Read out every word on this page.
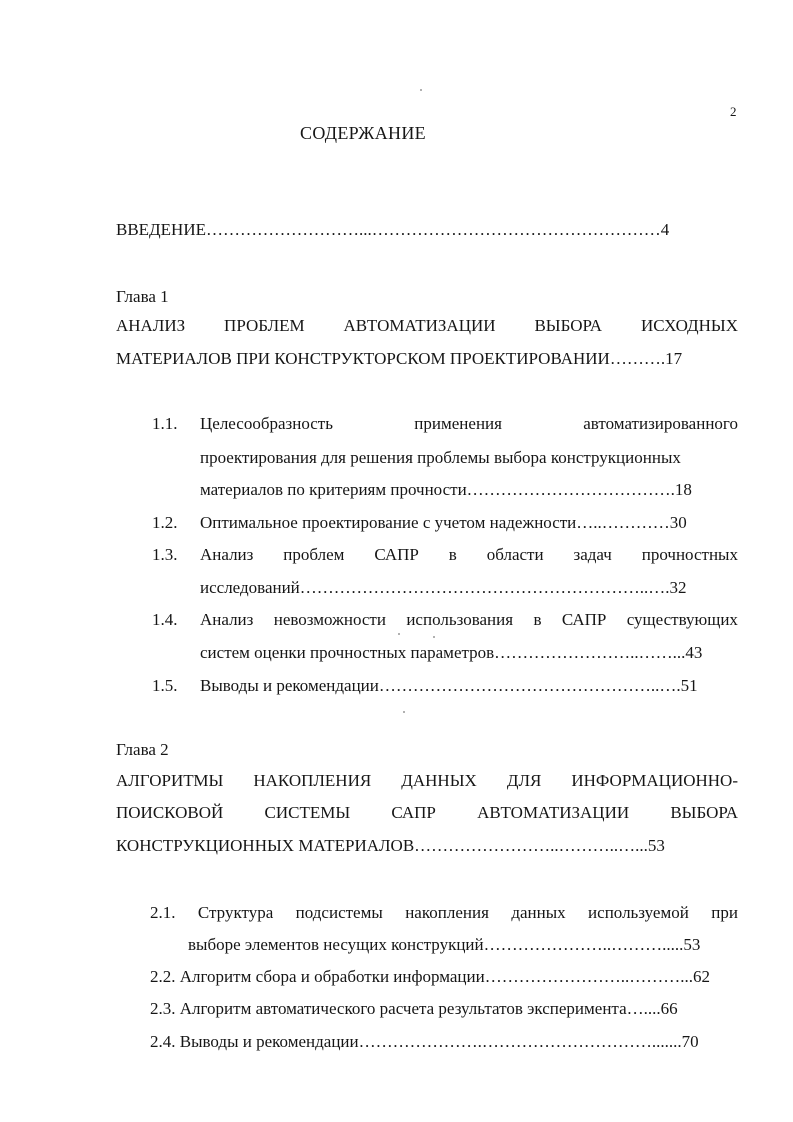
2
СОДЕРЖАНИЕ
ВВЕДЕНИЕ………………………...……………………………………………4
Глава 1
АНАЛИЗ ПРОБЛЕМ АВТОМАТИЗАЦИИ ВЫБОРА ИСХОДНЫХ
МАТЕРИАЛОВ ПРИ КОНСТРУКТОРСКОМ ПРОЕКТИРОВАНИИ……….17
1.1. Целесообразность	применения	автоматизированного
проектирования для решения проблемы выбора конструкционных
материалов по критериям прочности……………………………….18
1.2. Оптимальное проектирование с учетом надежности…..…………30
1.3. Анализ проблем САПР в области задач прочностных
исследований……………………………………………………..….32
1.4. Анализ невозможности использования в САПР существующих
систем оценки прочностных параметров……………………..……...43
1.5. Выводы и рекомендации…………………………………………..….51
Глава 2
АЛГОРИТМЫ НАКОПЛЕНИЯ ДАННЫХ ДЛЯ ИНФОРМАЦИОННО-
ПОИСКОВОЙ СИСТЕМЫ САПР АВТОМАТИЗАЦИИ ВЫБОРА
КОНСТРУКЦИОННЫХ МАТЕРИАЛОВ……………………..………..…...53
2.1. Структура подсистемы накопления данных используемой при
выборе элементов несущих конструкций…………………..……….....53
2.2. Алгоритм сбора и обработки информации……………………..………...62
2.3. Алгоритм автоматического расчета результатов эксперимента…....66
2.4. Выводы и рекомендации………………….………………………….......70
